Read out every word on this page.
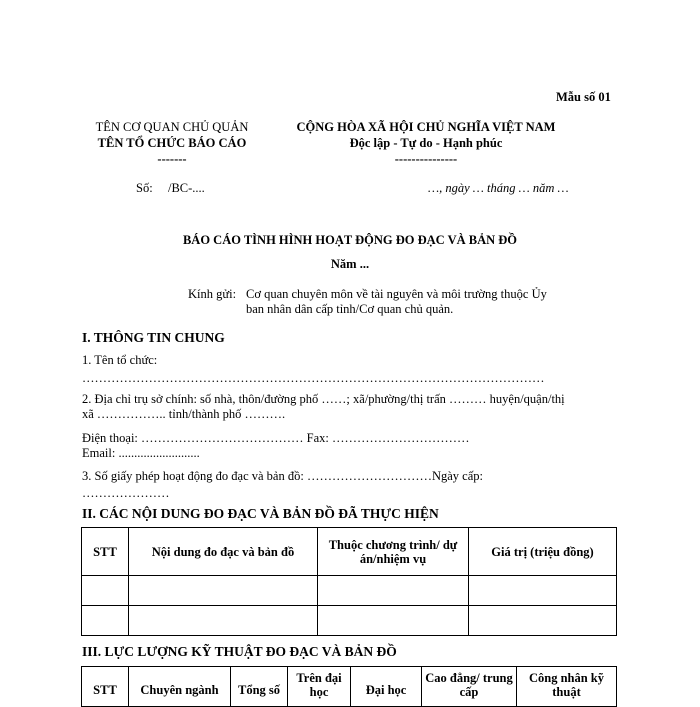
Mẫu số 01
TÊN CƠ QUAN CHỦ QUẢN
TÊN TỔ CHỨC BÁO CÁO
-------
CỘNG HÒA XÃ HỘI CHỦ NGHĨA VIỆT NAM
Độc lập - Tự do - Hạnh phúc
---------------
Số: /BC-....	…, ngày … tháng … năm …
BÁO CÁO TÌNH HÌNH HOẠT ĐỘNG ĐO ĐẠC VÀ BẢN ĐỒ
Năm ...
Kính gửi: Cơ quan chuyên môn về tài nguyên và môi trường thuộc Ủy
ban nhân dân cấp tỉnh/Cơ quan chủ quản.
I. THÔNG TIN CHUNG
1. Tên tổ chức:
…………………………………………………………………………………………………
2. Địa chỉ trụ sở chính: số nhà, thôn/đường phố ……; xã/phường/thị trấn ……… huyện/quận/thị
xã …………….. tỉnh/thành phố ……….
Điện thoại: ………………………………… Fax: ……………………………
Email: ..........................
3. Số giấy phép hoạt động đo đạc và bản đồ: …………………………Ngày cấp:
…………………
II. CÁC NỘI DUNG ĐO ĐẠC VÀ BẢN ĐỒ ĐÃ THỰC HIỆN
STT	Nội dung đo đạc và bản đồ	Thuộc chương trình/ dự án/nhiệm vụ	Giá trị (triệu đồng)

III. LỰC LƯỢNG KỸ THUẬT ĐO ĐẠC VÀ BẢN ĐỒ
STT	Chuyên ngành	Tổng số	Trên đại học	Đại học	Cao đẳng/ trung cấp	Công nhân kỹ thuật
